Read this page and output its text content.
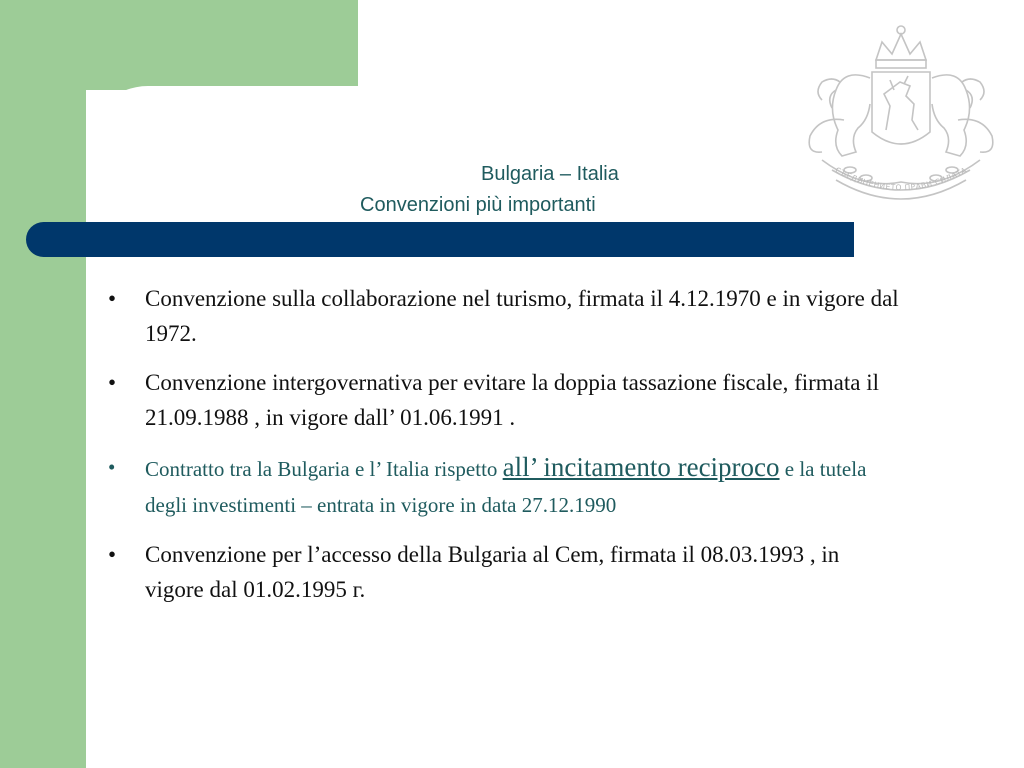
СЪЕДИНЕНИЕТО ПРАВИ СИЛАТА
Bulgaria – Italia
Convenzioni più importanti
• Convenzione sulla collaborazione nel turismo, firmata il 4.12.1970 e in vigore dal 1972.
• Convenzione intergovernativa per evitare la doppia tassazione fiscale, firmata il 21.09.1988 , in vigore dall’ 01.06.1991 .
• Contratto tra la Bulgaria e l’ Italia rispetto all’ incitamento reciproco e la tutela degli investimenti – entrata in vigore in data 27.12.1990
• Convenzione per l’accesso della Bulgaria al Cem, firmata il 08.03.1993 , in vigore dal 01.02.1995 г.
